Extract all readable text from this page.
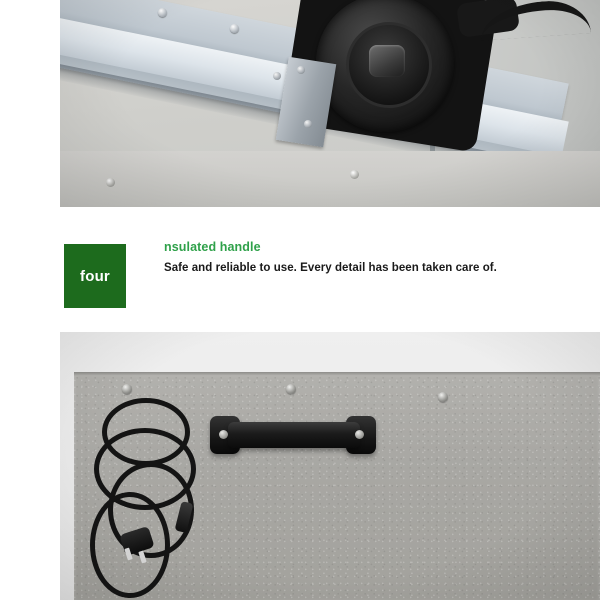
four
nsulated handle
Safe and reliable to use. Every detail has been taken care of.
